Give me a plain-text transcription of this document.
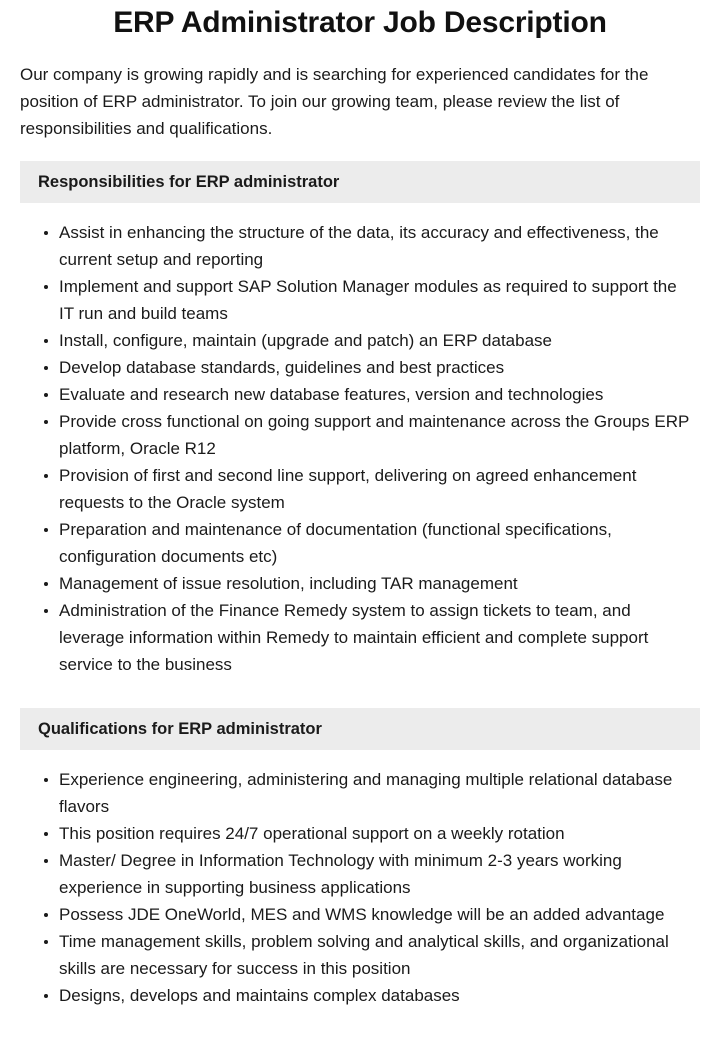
ERP Administrator Job Description

Our company is growing rapidly and is searching for experienced candidates for the position of ERP administrator. To join our growing team, please review the list of responsibilities and qualifications.

Responsibilities for ERP administrator
Assist in enhancing the structure of the data, its accuracy and effectiveness, the current setup and reporting
Implement and support SAP Solution Manager modules as required to support the IT run and build teams
Install, configure, maintain (upgrade and patch) an ERP database
Develop database standards, guidelines and best practices
Evaluate and research new database features, version and technologies
Provide cross functional on going support and maintenance across the Groups ERP platform, Oracle R12
Provision of first and second line support, delivering on agreed enhancement requests to the Oracle system
Preparation and maintenance of documentation (functional specifications, configuration documents etc)
Management of issue resolution, including TAR management
Administration of the Finance Remedy system to assign tickets to team, and leverage information within Remedy to maintain efficient and complete support service to the business
Qualifications for ERP administrator
Experience engineering, administering and managing multiple relational database flavors
This position requires 24/7 operational support on a weekly rotation
Master/ Degree in Information Technology with minimum 2-3 years working experience in supporting business applications
Possess JDE OneWorld, MES and WMS knowledge will be an added advantage
Time management skills, problem solving and analytical skills, and organizational skills are necessary for success in this position
Designs, develops and maintains complex databases
